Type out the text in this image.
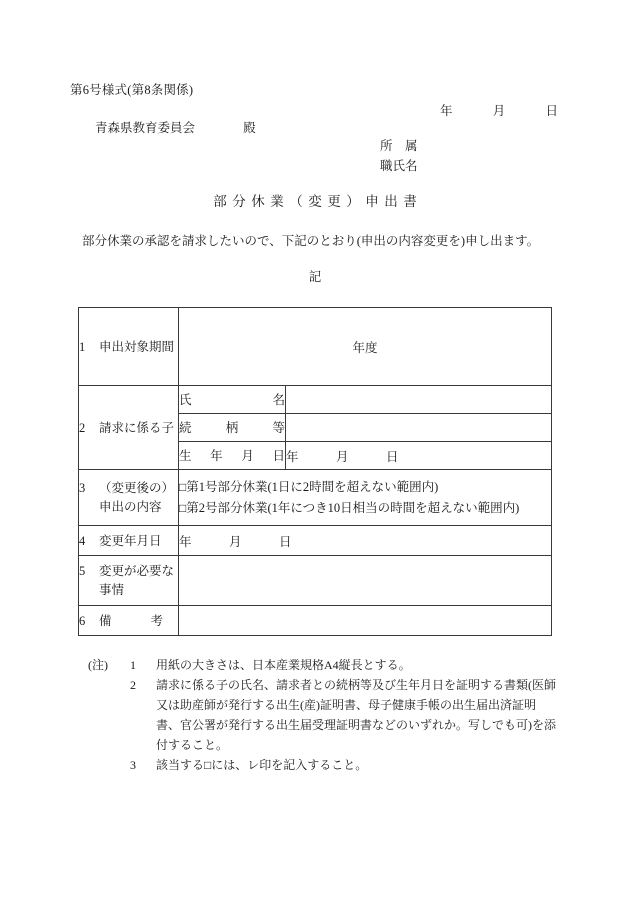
第6号様式(第8条関係)
年	月	日
青森県教育委員会	殿
所　属
職氏名
部分休業（変更）申出書
部分休業の承認を請求したいので、下記のとおり(申出の内容変更を)申し出ます。
記
1 申出対象期間	年度	
2 請求に係る子	氏名	
	続柄等	
	生年月日	年　　　月　　　日
3 （変更後の）
申出の内容

□第1号部分休業(1日に2時間を超えない範囲内)
□第2号部分休業(1年につき10日相当の時間を超えない範囲内)

4 変更年月日	年　　　月　　　日	
5 変更が必要な
事情		

6 備考		
(注)	1	用紙の大きさは、日本産業規格A4縦長とする。
2	請求に係る子の氏名、請求者との続柄等及び生年月日を証明する書類(医師又は助産師が発行する出生(産)証明書、母子健康手帳の出生届出済証明書、官公署が発行する出生届受理証明書などのいずれか。写しでも可)を添付すること。
3	該当する□には、レ印を記入すること。
